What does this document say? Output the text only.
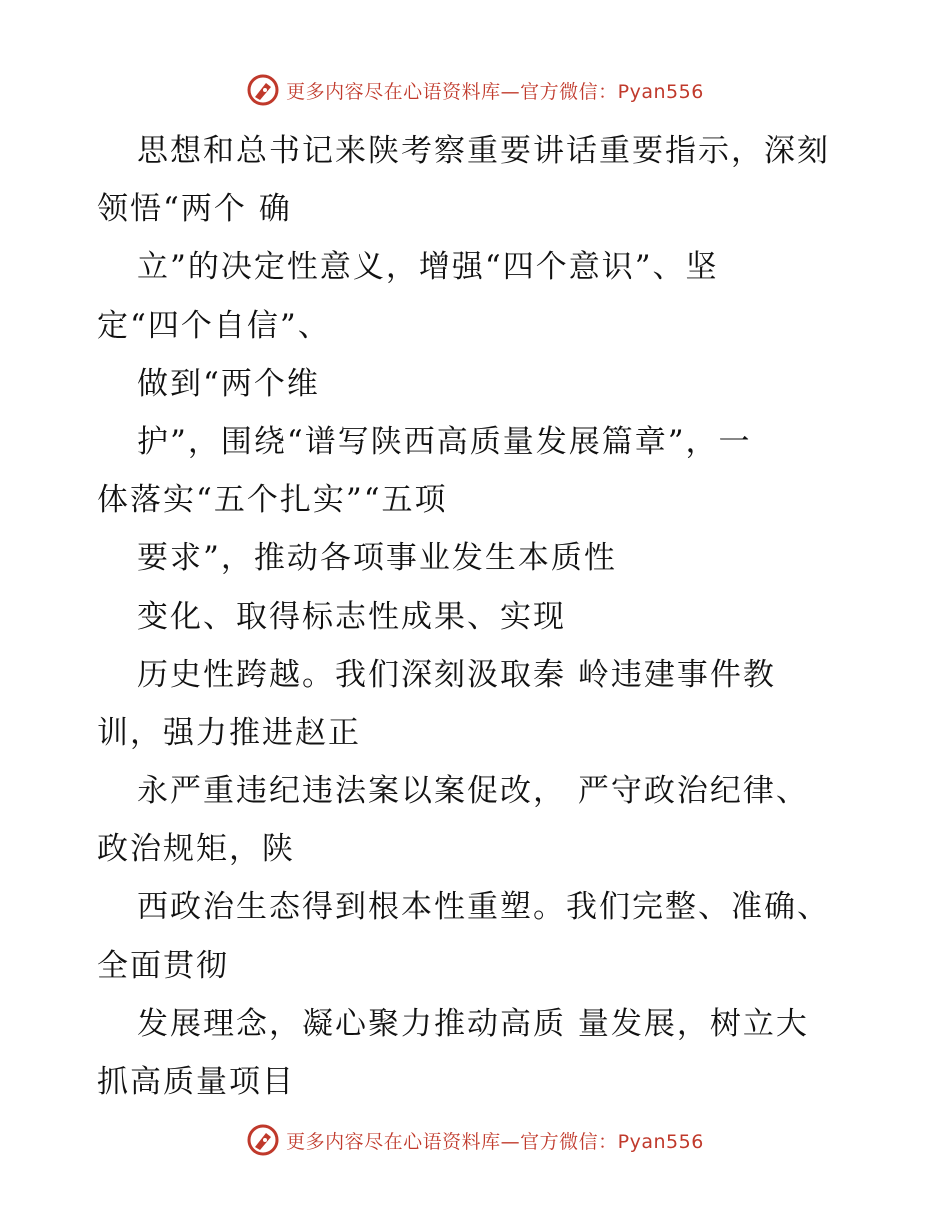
更多内容尽在心语资料库—官方微信：Pyan556
思想和总书记来陕考察重要讲话重要指示，深刻
领悟“两个 确
立”的决定性意义，增强“四个意识”、坚
定“四个自信”、
做到“两个维
护”，围绕“谱写陕西高质量发展篇章”，一
体落实“五个扎实”“五项
要求”，推动各项事业发生本质性
变化、取得标志性成果、实现
历史性跨越。我们深刻汲取秦 岭违建事件教
训，强力推进赵正
永严重违纪违法案以案促改， 严守政治纪律、
政治规矩，陕
西政治生态得到根本性重塑。我们完整、准确、
全面贯彻
发展理念，凝心聚力推动高质 量发展，树立大
抓高质量项目
更多内容尽在心语资料库—官方微信：Pyan556
